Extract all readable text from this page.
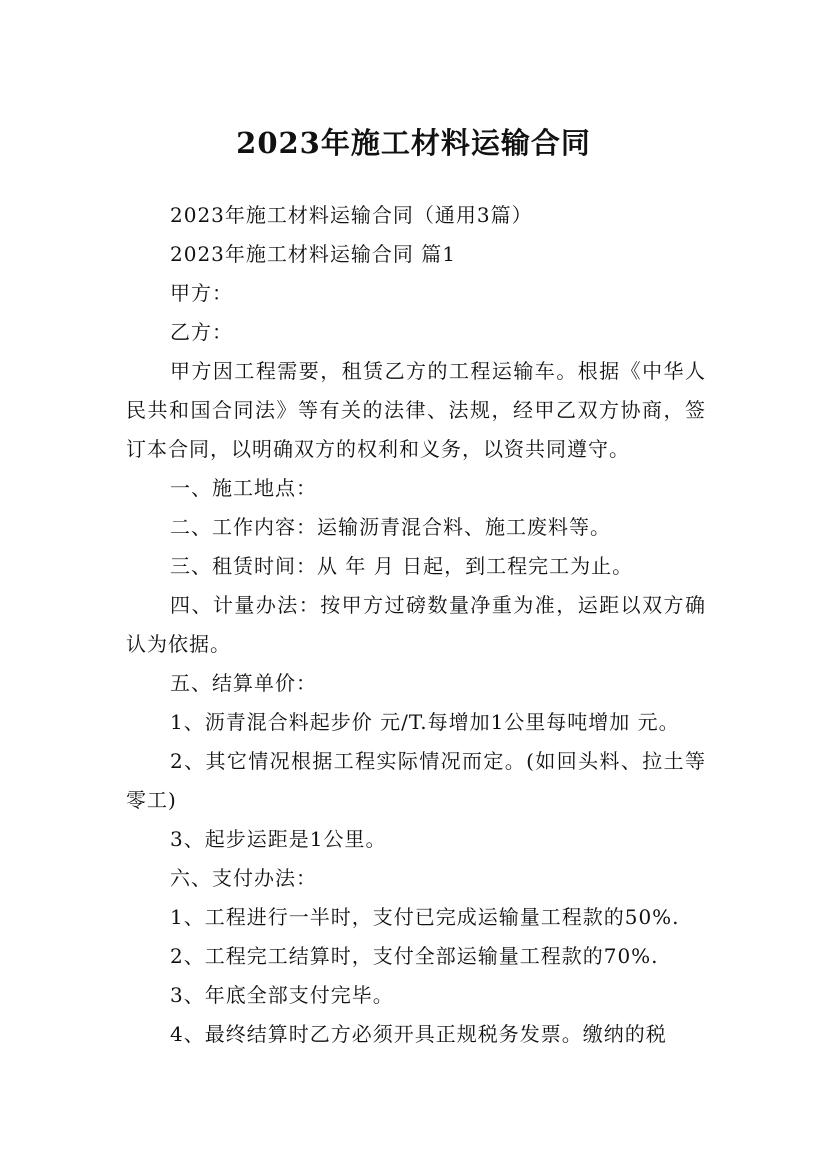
2023年施工材料运输合同

2023年施工材料运输合同（通用3篇）

2023年施工材料运输合同 篇1

甲方：

乙方：

甲方因工程需要，租赁乙方的工程运输车。根据《中华人民共和国合同法》等有关的法律、法规，经甲乙双方协商，签订本合同，以明确双方的权利和义务，以资共同遵守。

一、施工地点：

二、工作内容：运输沥青混合料、施工废料等。

三、租赁时间：从 年 月 日起，到工程完工为止。

四、计量办法：按甲方过磅数量净重为准，运距以双方确认为依据。

五、结算单价：

1、沥青混合料起步价 元/T.每增加1公里每吨增加 元。

2、其它情况根据工程实际情况而定。(如回头料、拉土等零工)

3、起步运距是1公里。

六、支付办法：

1、工程进行一半时，支付已完成运输量工程款的50%.

2、工程完工结算时，支付全部运输量工程款的70%.

3、年底全部支付完毕。

4、最终结算时乙方必须开具正规税务发票。缴纳的税
